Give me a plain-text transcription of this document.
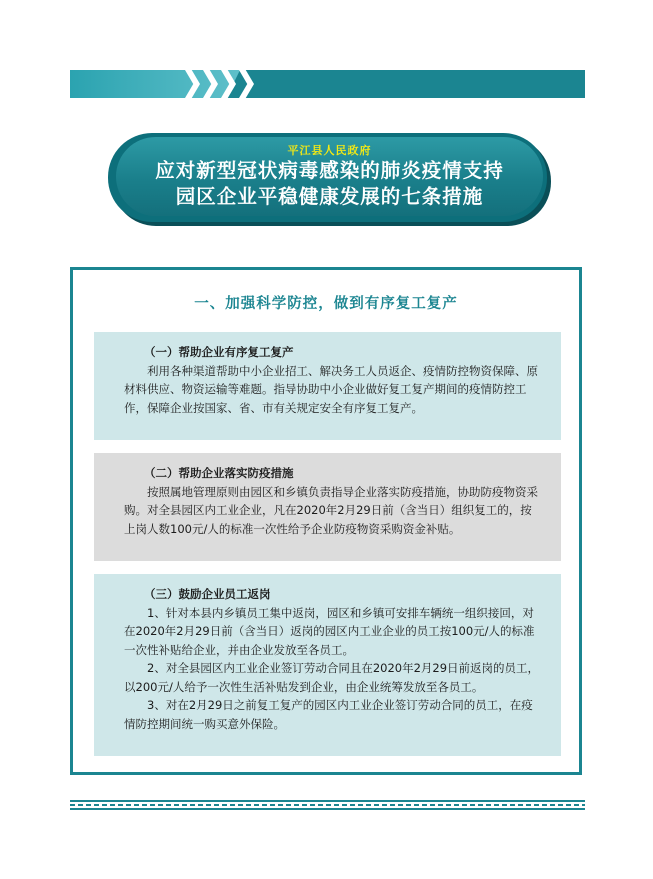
平江县人民政府
应对新型冠状病毒感染的肺炎疫情支持
园区企业平稳健康发展的七条措施
一、加强科学防控，做到有序复工复产
（一）帮助企业有序复工复产

利用各种渠道帮助中小企业招工、解决务工人员返企、疫情防控物资保障、原材料供应、物资运输等难题。指导协助中小企业做好复工复产期间的疫情防控工作，保障企业按国家、省、市有关规定安全有序复工复产。

（二）帮助企业落实防疫措施

按照属地管理原则由园区和乡镇负责指导企业落实防疫措施，协助防疫物资采购。对全县园区内工业企业，凡在2020年2月29日前（含当日）组织复工的，按上岗人数100元/人的标准一次性给予企业防疫物资采购资金补贴。

（三）鼓励企业员工返岗

1、针对本县内乡镇员工集中返岗，园区和乡镇可安排车辆统一组织接回，对在2020年2月29日前（含当日）返岗的园区内工业企业的员工按100元/人的标准一次性补贴给企业，并由企业发放至各员工。

2、对全县园区内工业企业签订劳动合同且在2020年2月29日前返岗的员工，以200元/人给予一次性生活补贴发到企业，由企业统筹发放至各员工。

3、对在2月29日之前复工复产的园区内工业企业签订劳动合同的员工，在疫情防控期间统一购买意外保险。
